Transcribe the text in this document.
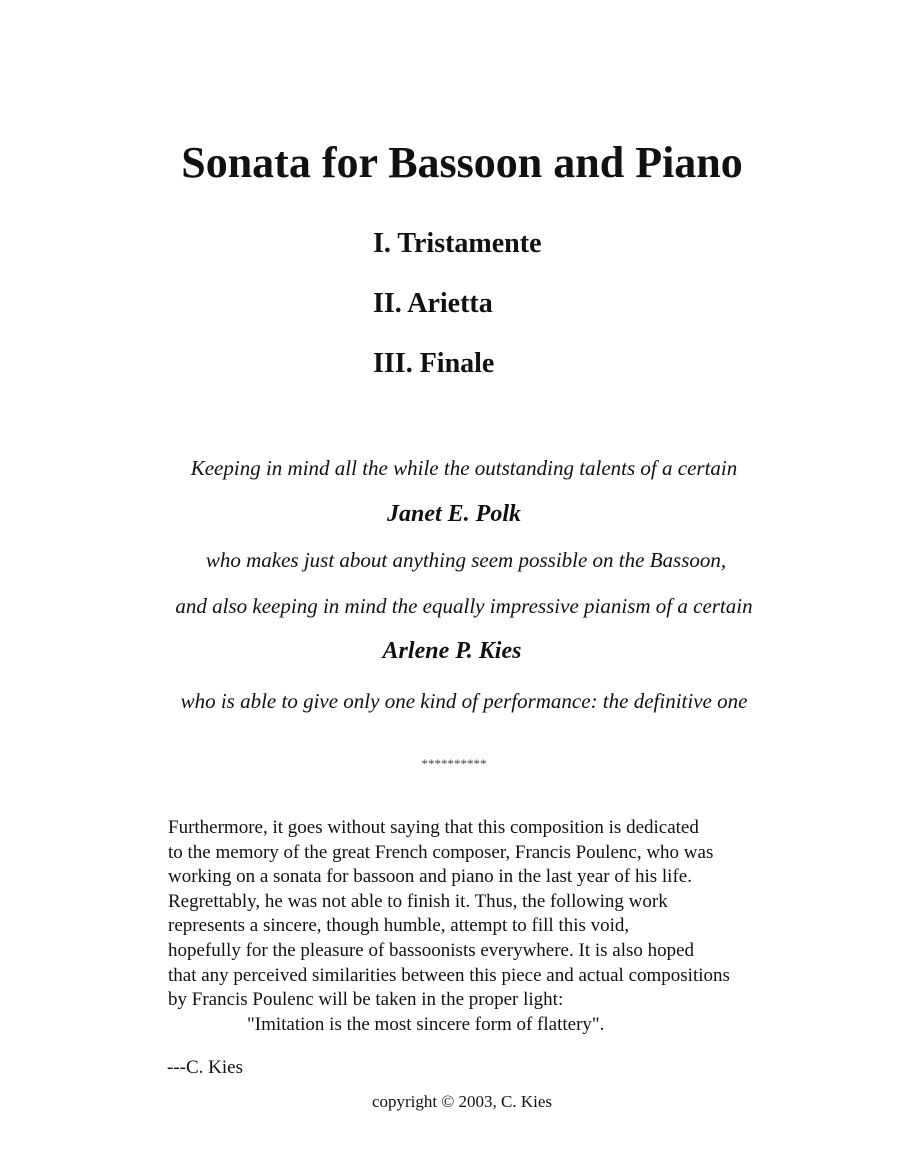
Sonata for Bassoon and Piano
I. Tristamente
II. Arietta
III. Finale
Keeping in mind all the while the outstanding talents of a certain
Janet E. Polk
who makes just about anything seem possible on the Bassoon,
and also keeping in mind the equally impressive pianism of a certain
Arlene P. Kies
who is able to give only one kind of performance: the definitive one
**********
Furthermore, it goes without saying that this composition is dedicated
to the memory of the great French composer, Francis Poulenc, who was
working on a sonata for bassoon and piano in the last year of his life.
Regrettably, he was not able to finish it. Thus, the following work
represents a sincere, though humble, attempt to fill this void,
hopefully for the pleasure of bassoonists everywhere. It is also hoped
that any perceived similarities between this piece and actual compositions
by Francis Poulenc will be taken in the proper light:
"Imitation is the most sincere form of flattery".
---C. Kies
copyright © 2003, C. Kies
